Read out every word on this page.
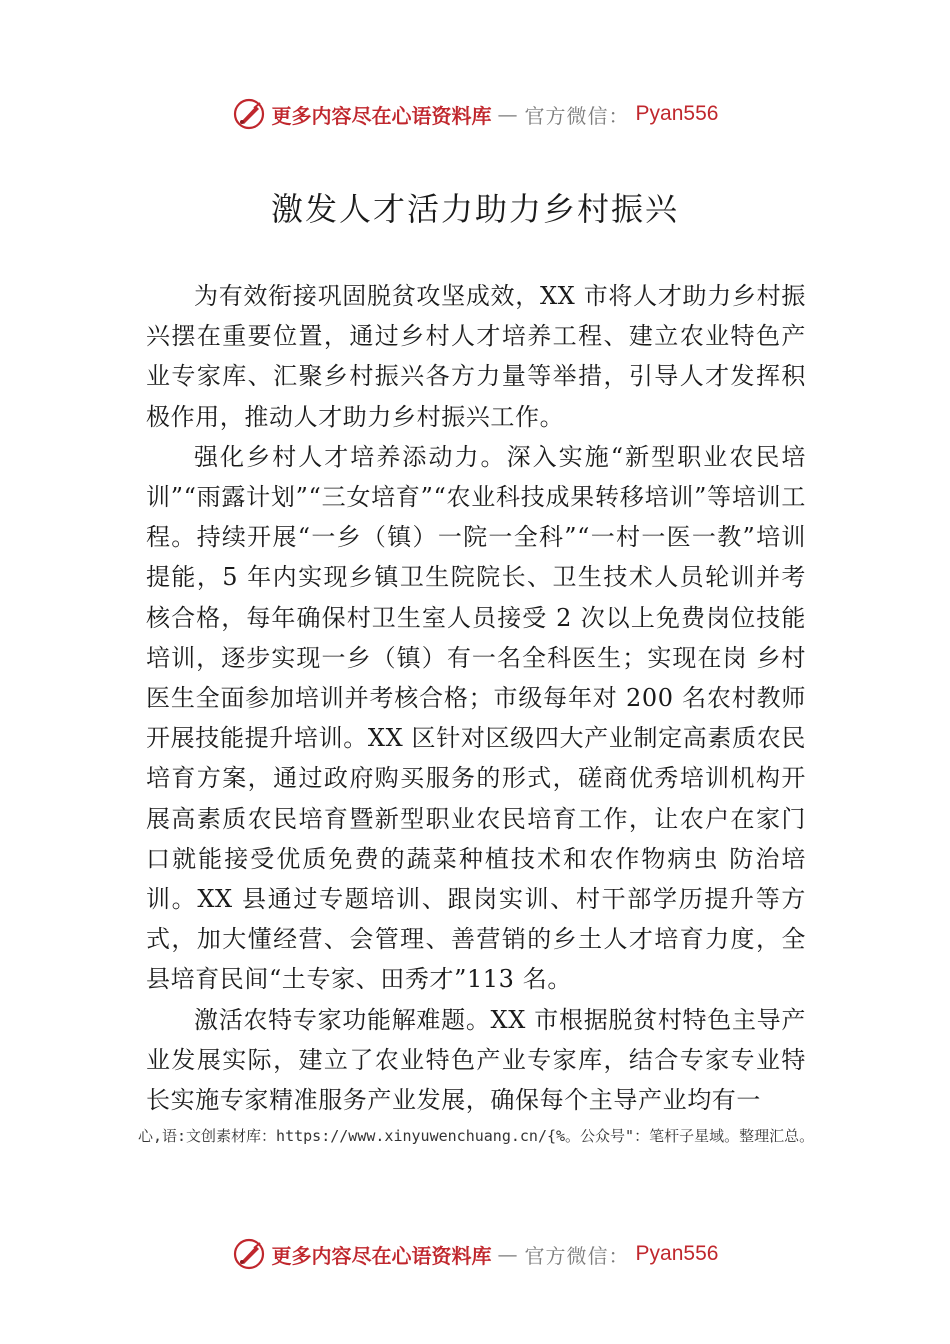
更多内容尽在心语资料库 — 官方微信： Pyan556
激发人才活力助力乡村振兴

为有效衔接巩固脱贫攻坚成效，XX 市将人才助力乡村振兴摆在重要位置，通过乡村人才培养工程、建立农业特色产业专家库、汇聚乡村振兴各方力量等举措，引导人才发挥积极作用，推动人才助力乡村振兴工作。

强化乡村人才培养添动力。深入实施“新型职业农民培训”“雨露计划”“三女培育”“农业科技成果转移培训”等培训工程。持续开展“一乡（镇）一院一全科”“一村一医一教”培训提能，5 年内实现乡镇卫生院院长、卫生技术人员轮训并考核合格，每年确保村卫生室人员接受 2 次以上免费岗位技能培训，逐步实现一乡（镇）有一名全科医生；实现在岗 乡村医生全面参加培训并考核合格；市级每年对 200 名农村教师开展技能提升培训。XX 区针对区级四大产业制定高素质农民培育方案，通过政府购买服务的形式，磋商优秀培训机构开展高素质农民培育暨新型职业农民培育工作，让农户在家门口就能接受优质免费的蔬菜种植技术和农作物病虫 防治培训。XX 县通过专题培训、跟岗实训、村干部学历提升等方式，加大懂经营、会管理、善营销的乡土人才培育力度，全县培育民间“土专家、田秀才”113 名。

激活农特专家功能解难题。XX 市根据脱贫村特色主导产业发展实际，建立了农业特色产业专家库，结合专家专业特长实施专家精准服务产业发展，确保每个主导产业均有一

心,语:文创素材库：https://www.xinyuwenchuang.cn/{%。公众号"：笔杆子星域。整理汇总。
更多内容尽在心语资料库 — 官方微信： Pyan556
